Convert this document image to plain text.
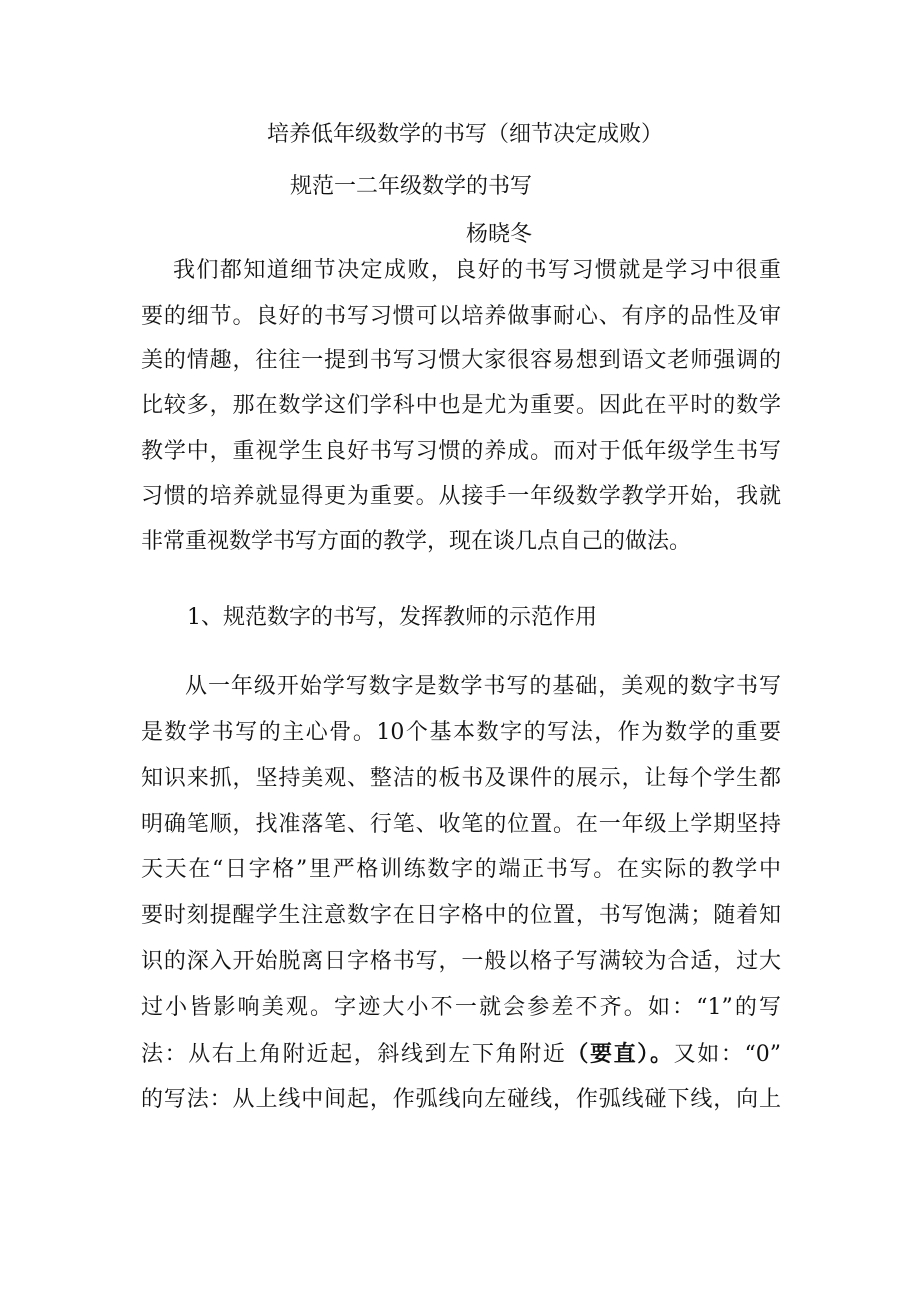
培养低年级数学的书写（细节决定成败）
规范一二年级数学的书写
杨晓冬
我们都知道细节决定成败，良好的书写习惯就是学习中很重
要的细节。良好的书写习惯可以培养做事耐心、有序的品性及审
美的情趣，往往一提到书写习惯大家很容易想到语文老师强调的
比较多，那在数学这们学科中也是尤为重要。因此在平时的数学
教学中，重视学生良好书写习惯的养成。而对于低年级学生书写
习惯的培养就显得更为重要。从接手一年级数学教学开始，我就
非常重视数学书写方面的教学，现在谈几点自己的做法。
1、规范数字的书写，发挥教师的示范作用
从一年级开始学写数字是数学书写的基础，美观的数字书写
是数学书写的主心骨。10个基本数字的写法，作为数学的重要
知识来抓，坚持美观、整洁的板书及课件的展示，让每个学生都
明确笔顺，找准落笔、行笔、收笔的位置。在一年级上学期坚持
天天在“日字格”里严格训练数字的端正书写。在实际的教学中
要时刻提醒学生注意数字在日字格中的位置，书写饱满；随着知
识的深入开始脱离日字格书写，一般以格子写满较为合适，过大
过小皆影响美观。字迹大小不一就会参差不齐。如：“1”的写
法：从右上角附近起，斜线到左下角附近（要直）。又如：“0”
的写法：从上线中间起，作弧线向左碰线，作弧线碰下线，向上
